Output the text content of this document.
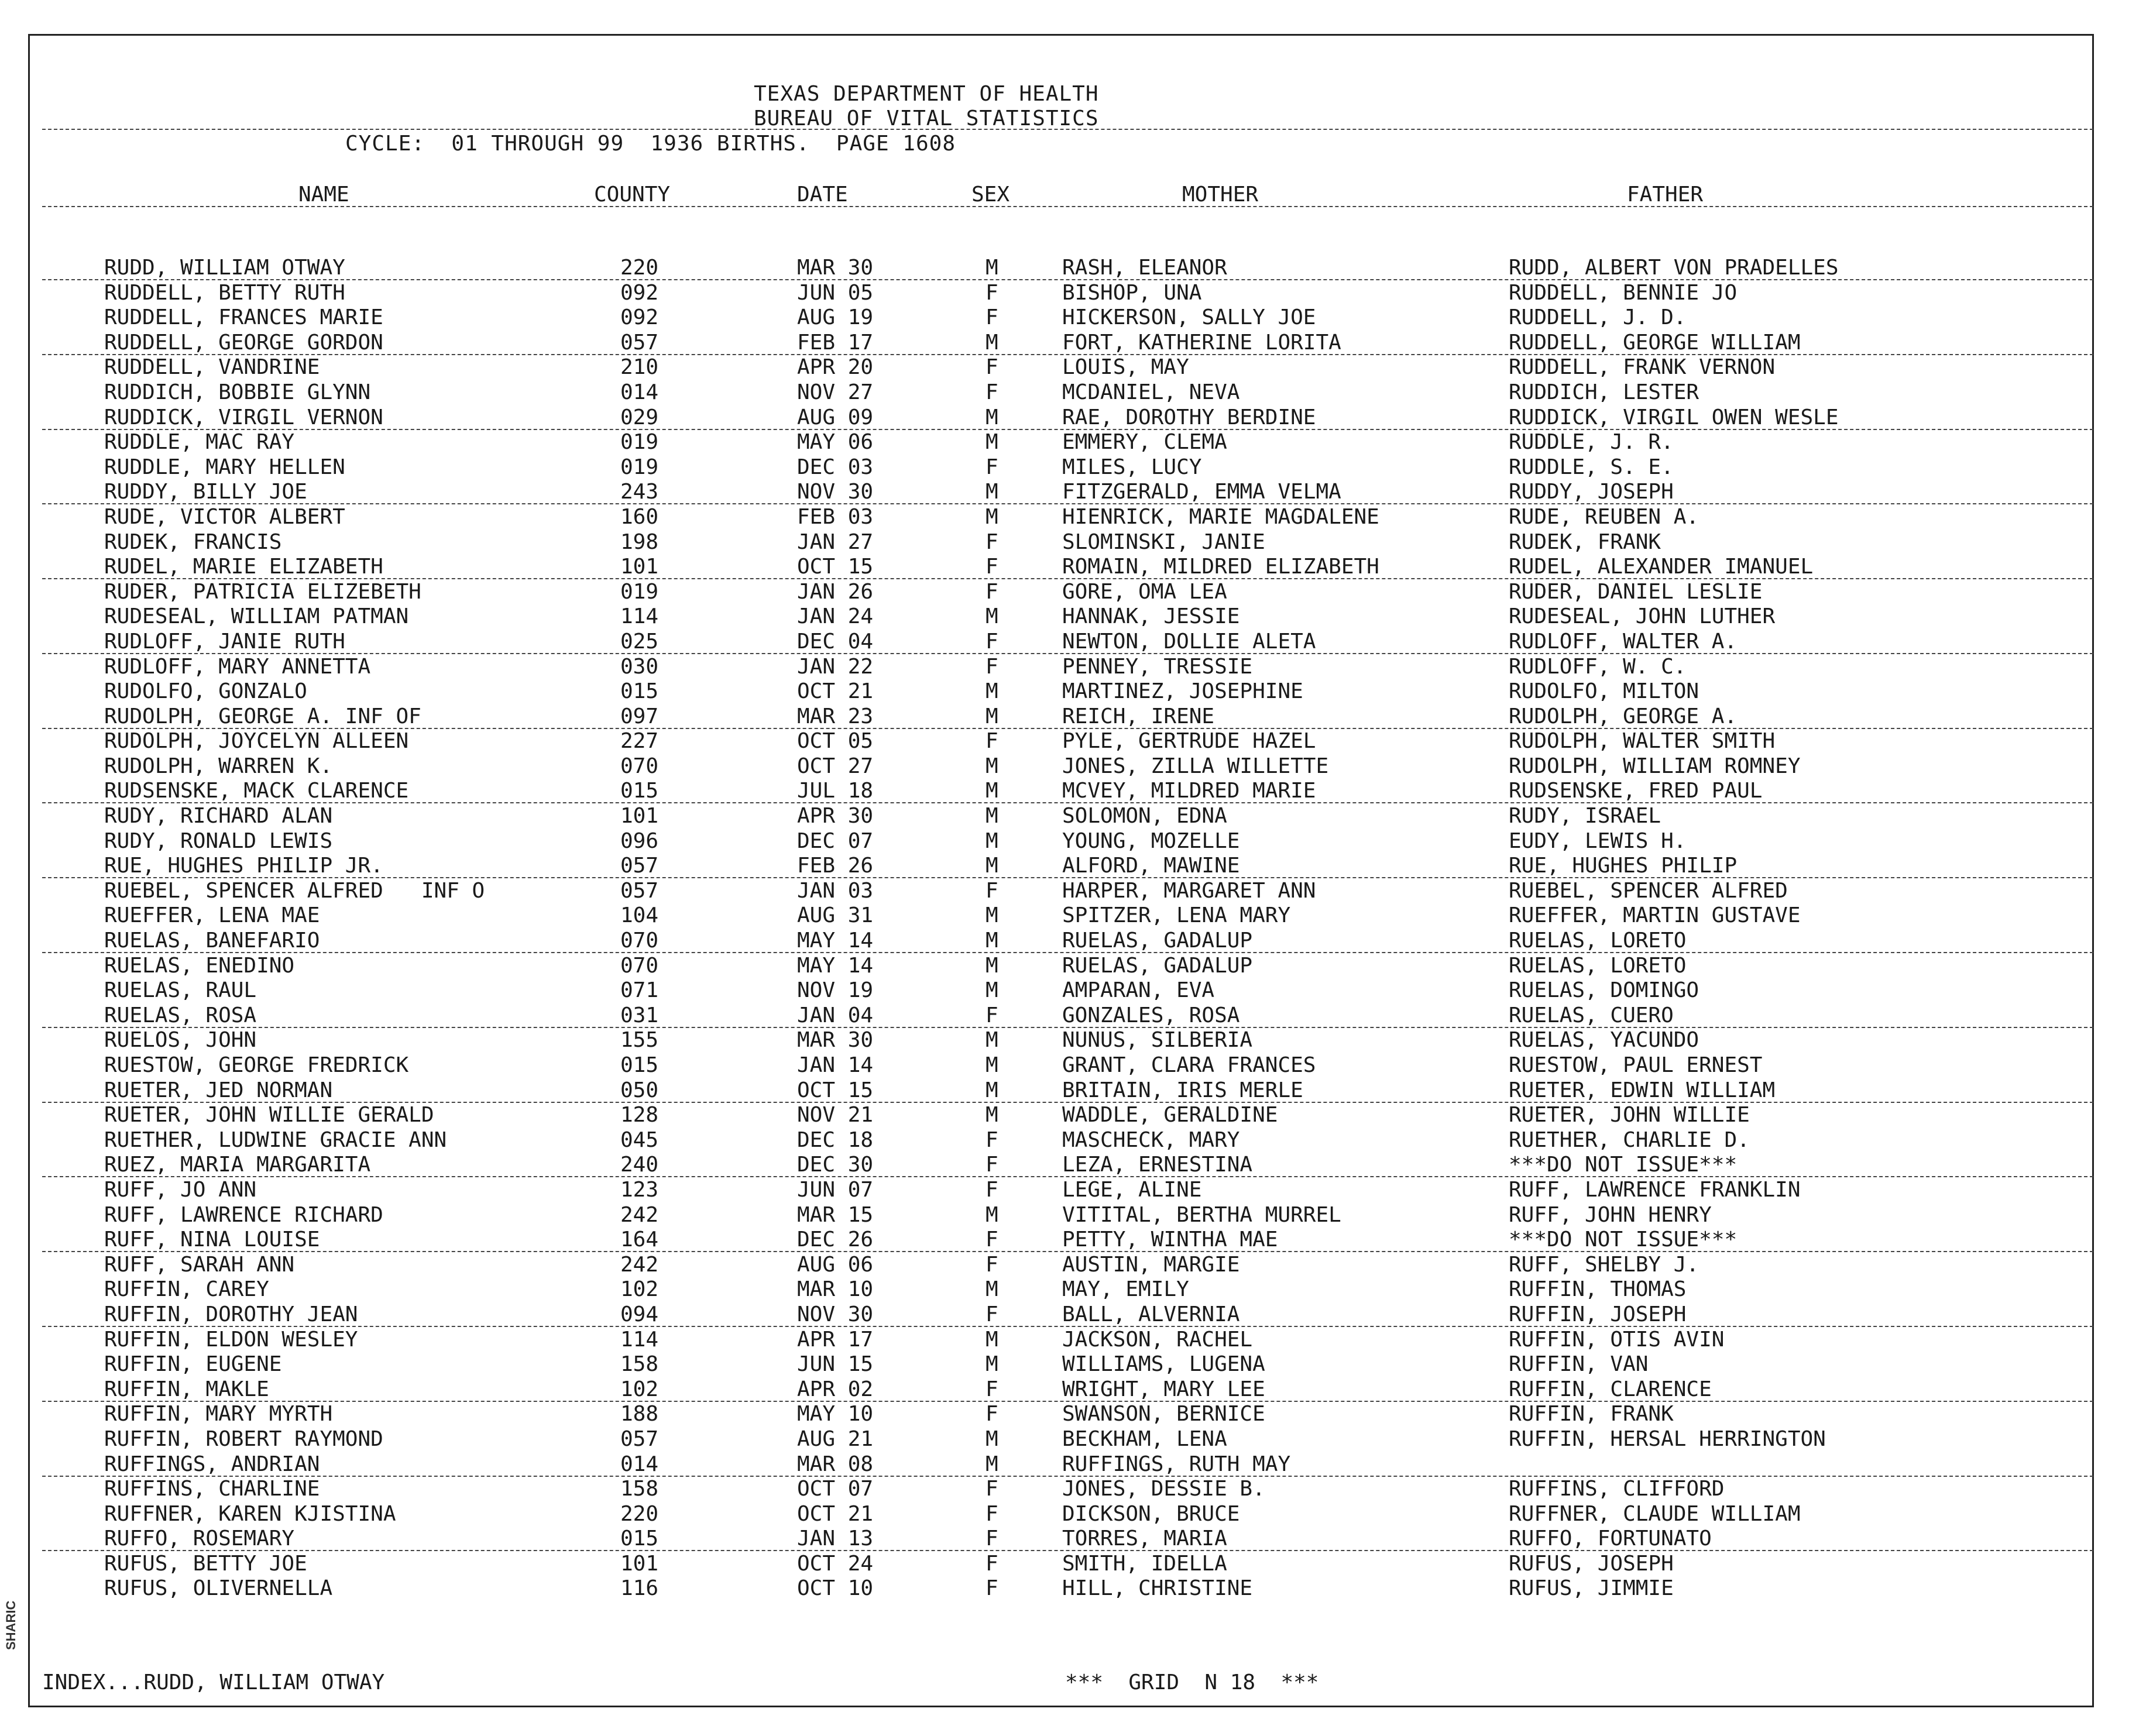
SHARIC
TEXAS DEPARTMENT OF HEALTH
BUREAU OF VITAL STATISTICS
CYCLE:  01 THROUGH 99  1936 BIRTHS.  PAGE 1608
NAME	COUNTY	DATE	SEX	MOTHER	FATHER
RUDD, WILLIAM OTWAY	220	MAR 30	M	RASH, ELEANOR	RUDD, ALBERT VON PRADELLES
RUDDELL, BETTY RUTH	092	JUN 05	F	BISHOP, UNA	RUDDELL, BENNIE JO
RUDDELL, FRANCES MARIE	092	AUG 19	F	HICKERSON, SALLY JOE	RUDDELL, J. D.
RUDDELL, GEORGE GORDON	057	FEB 17	M	FORT, KATHERINE LORITA	RUDDELL, GEORGE WILLIAM
RUDDELL, VANDRINE	210	APR 20	F	LOUIS, MAY	RUDDELL, FRANK VERNON
RUDDICH, BOBBIE GLYNN	014	NOV 27	F	MCDANIEL, NEVA	RUDDICH, LESTER
RUDDICK, VIRGIL VERNON	029	AUG 09	M	RAE, DOROTHY BERDINE	RUDDICK, VIRGIL OWEN WESLE
RUDDLE, MAC RAY	019	MAY 06	M	EMMERY, CLEMA	RUDDLE, J. R.
RUDDLE, MARY HELLEN	019	DEC 03	F	MILES, LUCY	RUDDLE, S. E.
RUDDY, BILLY JOE	243	NOV 30	M	FITZGERALD, EMMA VELMA	RUDDY, JOSEPH
RUDE, VICTOR ALBERT	160	FEB 03	M	HIENRICK, MARIE MAGDALENE	RUDE, REUBEN A.
RUDEK, FRANCIS	198	JAN 27	F	SLOMINSKI, JANIE	RUDEK, FRANK
RUDEL, MARIE ELIZABETH	101	OCT 15	F	ROMAIN, MILDRED ELIZABETH	RUDEL, ALEXANDER IMANUEL
RUDER, PATRICIA ELIZEBETH	019	JAN 26	F	GORE, OMA LEA	RUDER, DANIEL LESLIE
RUDESEAL, WILLIAM PATMAN	114	JAN 24	M	HANNAK, JESSIE	RUDESEAL, JOHN LUTHER
RUDLOFF, JANIE RUTH	025	DEC 04	F	NEWTON, DOLLIE ALETA	RUDLOFF, WALTER A.
RUDLOFF, MARY ANNETTA	030	JAN 22	F	PENNEY, TRESSIE	RUDLOFF, W. C.
RUDOLFO, GONZALO	015	OCT 21	M	MARTINEZ, JOSEPHINE	RUDOLFO, MILTON
RUDOLPH, GEORGE A. INF OF	097	MAR 23	M	REICH, IRENE	RUDOLPH, GEORGE A.
RUDOLPH, JOYCELYN ALLEEN	227	OCT 05	F	PYLE, GERTRUDE HAZEL	RUDOLPH, WALTER SMITH
RUDOLPH, WARREN K.	070	OCT 27	M	JONES, ZILLA WILLETTE	RUDOLPH, WILLIAM ROMNEY
RUDSENSKE, MACK CLARENCE	015	JUL 18	M	MCVEY, MILDRED MARIE	RUDSENSKE, FRED PAUL
RUDY, RICHARD ALAN	101	APR 30	M	SOLOMON, EDNA	RUDY, ISRAEL
RUDY, RONALD LEWIS	096	DEC 07	M	YOUNG, MOZELLE	EUDY, LEWIS H.
RUE, HUGHES PHILIP JR.	057	FEB 26	M	ALFORD, MAWINE	RUE, HUGHES PHILIP
RUEBEL, SPENCER ALFRED   INF O	057	JAN 03	F	HARPER, MARGARET ANN	RUEBEL, SPENCER ALFRED
RUEFFER, LENA MAE	104	AUG 31	M	SPITZER, LENA MARY	RUEFFER, MARTIN GUSTAVE
RUELAS, BANEFARIO	070	MAY 14	M	RUELAS, GADALUP	RUELAS, LORETO
RUELAS, ENEDINO	070	MAY 14	M	RUELAS, GADALUP	RUELAS, LORETO
RUELAS, RAUL	071	NOV 19	M	AMPARAN, EVA	RUELAS, DOMINGO
RUELAS, ROSA	031	JAN 04	F	GONZALES, ROSA	RUELAS, CUERO
RUELOS, JOHN	155	MAR 30	M	NUNUS, SILBERIA	RUELAS, YACUNDO
RUESTOW, GEORGE FREDRICK	015	JAN 14	M	GRANT, CLARA FRANCES	RUESTOW, PAUL ERNEST
RUETER, JED NORMAN	050	OCT 15	M	BRITAIN, IRIS MERLE	RUETER, EDWIN WILLIAM
RUETER, JOHN WILLIE GERALD	128	NOV 21	M	WADDLE, GERALDINE	RUETER, JOHN WILLIE
RUETHER, LUDWINE GRACIE ANN	045	DEC 18	F	MASCHECK, MARY	RUETHER, CHARLIE D.
RUEZ, MARIA MARGARITA	240	DEC 30	F	LEZA, ERNESTINA	***DO NOT ISSUE***
RUFF, JO ANN	123	JUN 07	F	LEGE, ALINE	RUFF, LAWRENCE FRANKLIN
RUFF, LAWRENCE RICHARD	242	MAR 15	M	VITITAL, BERTHA MURREL	RUFF, JOHN HENRY
RUFF, NINA LOUISE	164	DEC 26	F	PETTY, WINTHA MAE	***DO NOT ISSUE***
RUFF, SARAH ANN	242	AUG 06	F	AUSTIN, MARGIE	RUFF, SHELBY J.
RUFFIN, CAREY	102	MAR 10	M	MAY, EMILY	RUFFIN, THOMAS
RUFFIN, DOROTHY JEAN	094	NOV 30	F	BALL, ALVERNIA	RUFFIN, JOSEPH
RUFFIN, ELDON WESLEY	114	APR 17	M	JACKSON, RACHEL	RUFFIN, OTIS AVIN
RUFFIN, EUGENE	158	JUN 15	M	WILLIAMS, LUGENA	RUFFIN, VAN
RUFFIN, MAKLE	102	APR 02	F	WRIGHT, MARY LEE	RUFFIN, CLARENCE
RUFFIN, MARY MYRTH	188	MAY 10	F	SWANSON, BERNICE	RUFFIN, FRANK
RUFFIN, ROBERT RAYMOND	057	AUG 21	M	BECKHAM, LENA	RUFFIN, HERSAL HERRINGTON
RUFFINGS, ANDRIAN	014	MAR 08	M	RUFFINGS, RUTH MAY
RUFFINS, CHARLINE	158	OCT 07	F	JONES, DESSIE B.	RUFFINS, CLIFFORD
RUFFNER, KAREN KJISTINA	220	OCT 21	F	DICKSON, BRUCE	RUFFNER, CLAUDE WILLIAM
RUFFO, ROSEMARY	015	JAN 13	F	TORRES, MARIA	RUFFO, FORTUNATO
RUFUS, BETTY JOE	101	OCT 24	F	SMITH, IDELLA	RUFUS, JOSEPH
RUFUS, OLIVERNELLA	116	OCT 10	F	HILL, CHRISTINE	RUFUS, JIMMIE
INDEX...RUDD, WILLIAM OTWAY	***  GRID  N 18  ***
